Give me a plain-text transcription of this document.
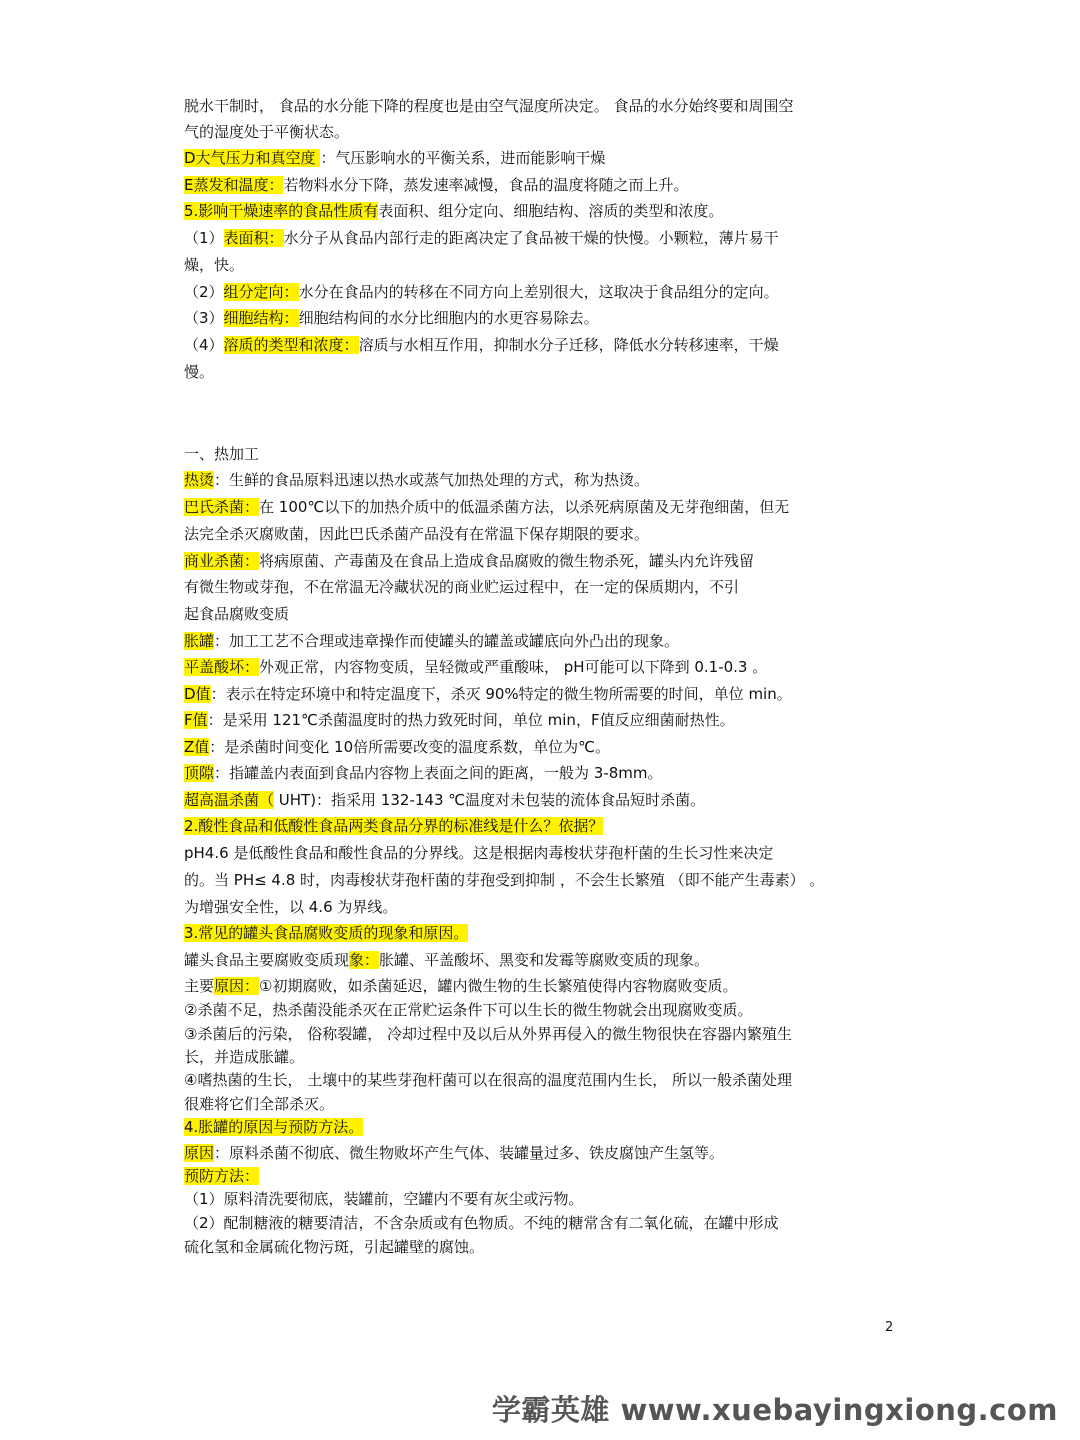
脱水干制时， 食品的水分能下降的程度也是由空气湿度所决定。 食品的水分始终要和周围空
气的湿度处于平衡状态。
D大气压力和真空度 ：气压影响水的平衡关系，进而能影响干燥
E蒸发和温度：若物料水分下降，蒸发速率减慢，食品的温度将随之而上升。
5.影响干燥速率的食品性质有表面积、组分定向、细胞结构、溶质的类型和浓度。
（1）表面积：水分子从食品内部行走的距离决定了食品被干燥的快慢。小颗粒，薄片易干
燥，快。
（2）组分定向：水分在食品内的转移在不同方向上差别很大，这取决于食品组分的定向。
（3）细胞结构：细胞结构间的水分比细胞内的水更容易除去。
（4）溶质的类型和浓度：溶质与水相互作用，抑制水分子迁移，降低水分转移速率，干燥
慢。
一、热加工
热烫：生鲜的食品原料迅速以热水或蒸气加热处理的方式，称为热烫。
巴氏杀菌：在 100℃以下的加热介质中的低温杀菌方法，以杀死病原菌及无芽孢细菌，但无
法完全杀灭腐败菌，因此巴氏杀菌产品没有在常温下保存期限的要求。
商业杀菌：将病原菌、产毒菌及在食品上造成食品腐败的微生物杀死，罐头内允许残留
有微生物或芽孢，不在常温无冷藏状况的商业贮运过程中，在一定的保质期内，不引
起食品腐败变质
胀罐：加工工艺不合理或违章操作而使罐头的罐盖或罐底向外凸出的现象。
平盖酸坏：外观正常，内容物变质，呈轻微或严重酸味， pH可能可以下降到 0.1-0.3 。
D值：表示在特定环境中和特定温度下，杀灭 90%特定的微生物所需要的时间，单位 min。
F值：是采用 121℃杀菌温度时的热力致死时间，单位 min，F值反应细菌耐热性。
Z值：是杀菌时间变化 10倍所需要改变的温度系数，单位为℃。
顶隙：指罐盖内表面到食品内容物上表面之间的距离，一般为 3-8mm。
超高温杀菌（ UHT)：指采用 132-143 ℃温度对未包装的流体食品短时杀菌。
2.酸性食品和低酸性食品两类食品分界的标准线是什么？依据？
pH4.6 是低酸性食品和酸性食品的分界线。这是根据肉毒梭状芽孢杆菌的生长习性来决定
的。当 PH≤ 4.8 时，肉毒梭状芽孢杆菌的芽孢受到抑制 ，不会生长繁殖 （即不能产生毒素） 。
为增强安全性，以 4.6 为界线。
3.常见的罐头食品腐败变质的现象和原因。
罐头食品主要腐败变质现象：胀罐、平盖酸坏、黑变和发霉等腐败变质的现象。
主要原因：①初期腐败，如杀菌延迟，罐内微生物的生长繁殖使得内容物腐败变质。
②杀菌不足，热杀菌没能杀灭在正常贮运条件下可以生长的微生物就会出现腐败变质。
③杀菌后的污染， 俗称裂罐， 冷却过程中及以后从外界再侵入的微生物很快在容器内繁殖生
长，并造成胀罐。
④嗜热菌的生长， 土壤中的某些芽孢杆菌可以在很高的温度范围内生长， 所以一般杀菌处理
很难将它们全部杀灭。
4.胀罐的原因与预防方法。
原因：原料杀菌不彻底、微生物败坏产生气体、装罐量过多、铁皮腐蚀产生氢等。
预防方法：
（1）原料清洗要彻底，装罐前，空罐内不要有灰尘或污物。
（2）配制糖液的糖要清洁，不含杂质或有色物质。不纯的糖常含有二氧化硫，在罐中形成
硫化氢和金属硫化物污斑，引起罐壁的腐蚀。
2
学霸英雄 www.xuebayingxiong.com
